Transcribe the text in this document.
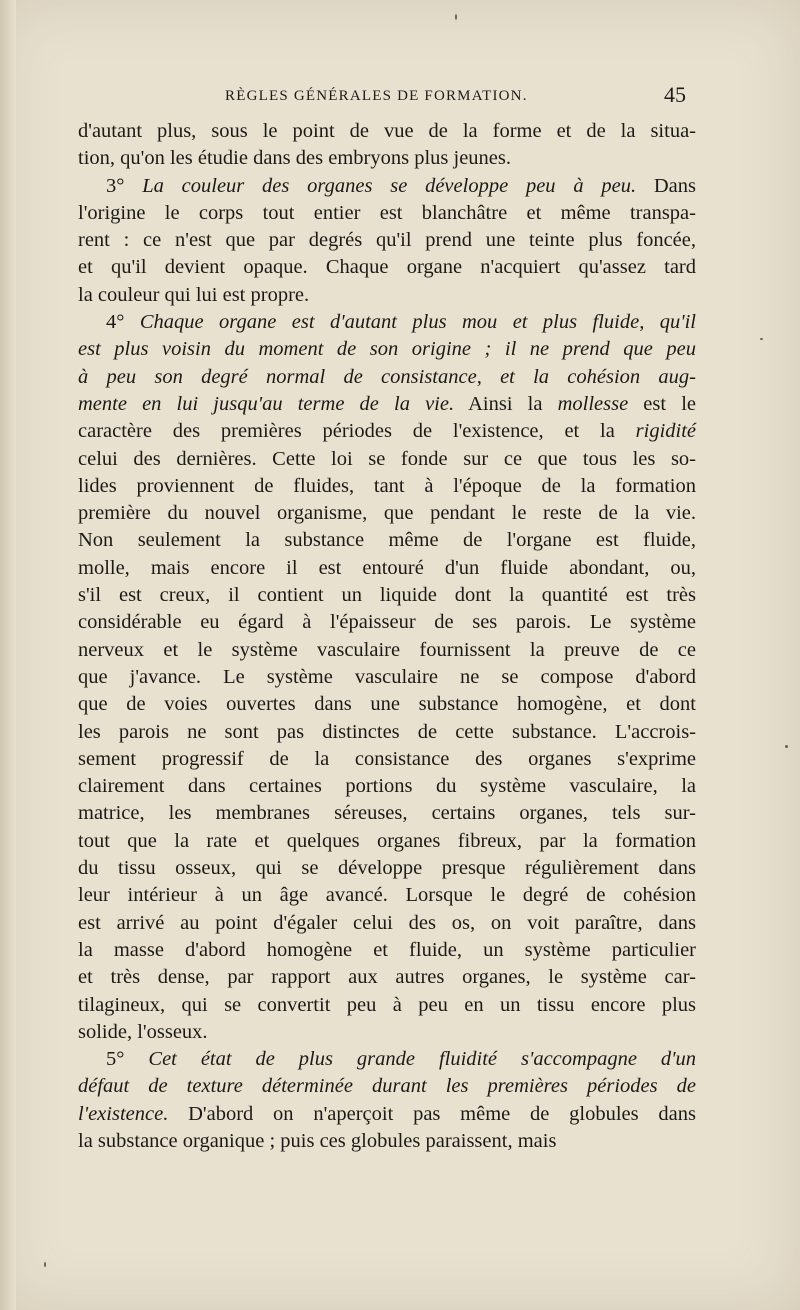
RÈGLES GÉNÉRALES DE FORMATION.	45
d'autant plus, sous le point de vue de la forme et de la situa-
tion, qu'on les étudie dans des embryons plus jeunes.
3° La couleur des organes se développe peu à peu. Dans
l'origine le corps tout entier est blanchâtre et même transpa-
rent : ce n'est que par degrés qu'il prend une teinte plus foncée,
et qu'il devient opaque. Chaque organe n'acquiert qu'assez tard
la couleur qui lui est propre.
4° Chaque organe est d'autant plus mou et plus fluide, qu'il
est plus voisin du moment de son origine ; il ne prend que peu
à peu son degré normal de consistance, et la cohésion aug-
mente en lui jusqu'au terme de la vie. Ainsi la mollesse est le
caractère des premières périodes de l'existence, et la rigidité
celui des dernières. Cette loi se fonde sur ce que tous les so-
lides proviennent de fluides, tant à l'époque de la formation
première du nouvel organisme, que pendant le reste de la vie.
Non seulement la substance même de l'organe est fluide,
molle, mais encore il est entouré d'un fluide abondant, ou,
s'il est creux, il contient un liquide dont la quantité est très
considérable eu égard à l'épaisseur de ses parois. Le système
nerveux et le système vasculaire fournissent la preuve de ce
que j'avance. Le système vasculaire ne se compose d'abord
que de voies ouvertes dans une substance homogène, et dont
les parois ne sont pas distinctes de cette substance. L'accrois-
sement progressif de la consistance des organes s'exprime
clairement dans certaines portions du système vasculaire, la
matrice, les membranes séreuses, certains organes, tels sur-
tout que la rate et quelques organes fibreux, par la formation
du tissu osseux, qui se développe presque régulièrement dans
leur intérieur à un âge avancé. Lorsque le degré de cohésion
est arrivé au point d'égaler celui des os, on voit paraître, dans
la masse d'abord homogène et fluide, un système particulier
et très dense, par rapport aux autres organes, le système car-
tilagineux, qui se convertit peu à peu en un tissu encore plus
solide, l'osseux.
5° Cet état de plus grande fluidité s'accompagne d'un
défaut de texture déterminée durant les premières périodes de
l'existence. D'abord on n'aperçoit pas même de globules dans
la substance organique ; puis ces globules paraissent, mais
